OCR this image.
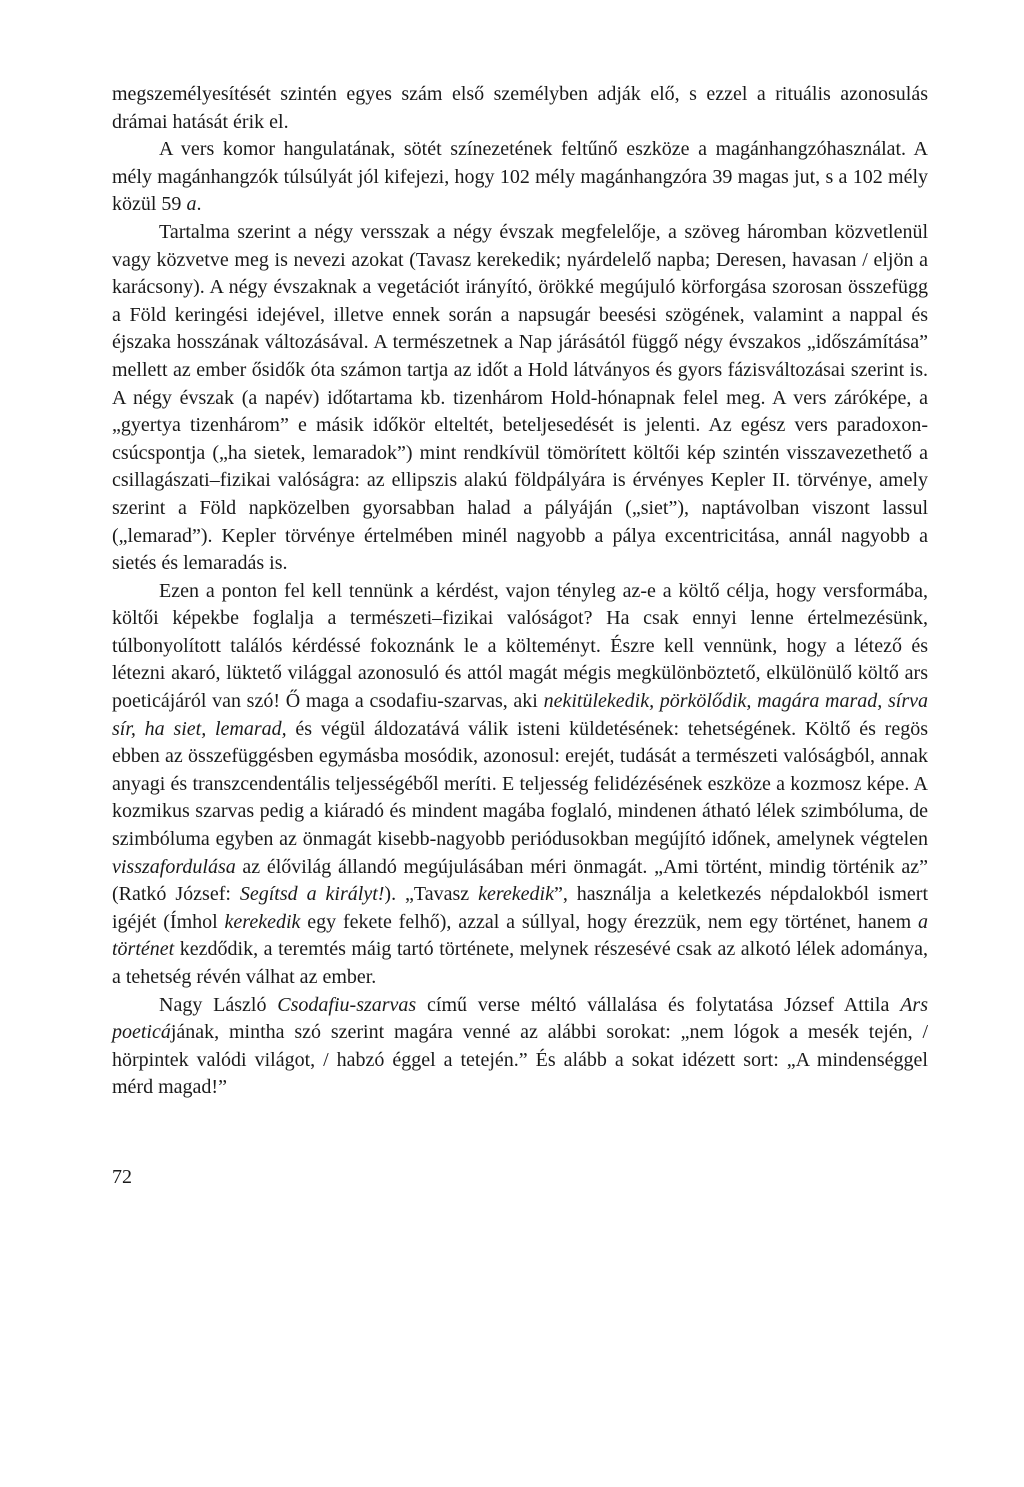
megszemélyesítését szintén egyes szám első személyben adják elő, s ezzel a rituális azonosulás drámai hatását érik el.

A vers komor hangulatának, sötét színezetének feltűnő eszköze a magánhangzóhasználat. A mély magánhangzók túlsúlyát jól kifejezi, hogy 102 mély magánhangzóra 39 magas jut, s a 102 mély közül 59 a.

Tartalma szerint a négy versszak a négy évszak megfelelője, a szöveg háromban közvetlenül vagy közvetve meg is nevezi azokat (Tavasz kerekedik; nyárdelelő napba; Deresen, havasan / eljön a karácsony). A négy évszaknak a vegetációt irányító, örökké megújuló körforgása szorosan összefügg a Föld keringési idejével, illetve ennek során a napsugár beesési szögének, valamint a nappal és éjszaka hosszának változásával. A természetnek a Nap járásától függő négy évszakos „időszámítása” mellett az ember ősidők óta számon tartja az időt a Hold látványos és gyors fázisváltozásai szerint is. A négy évszak (a napév) időtartama kb. tizenhárom Hold-hónapnak felel meg. A vers záróképe, a „gyertya tizenhárom” e másik időkör elteltét, beteljesedését is jelenti. Az egész vers paradoxon-csúcspontja („ha sietek, lemaradok”) mint rendkívül tömörített költői kép szintén visszavezethető a csillagászati–fizikai valóságra: az ellipszis alakú földpályára is érvényes Kepler II. törvénye, amely szerint a Föld napközelben gyorsabban halad a pályáján („siet”), naptávolban viszont lassul („lemarad”). Kepler törvénye értelmében minél nagyobb a pálya excentricitása, annál nagyobb a sietés és lemaradás is.

Ezen a ponton fel kell tennünk a kérdést, vajon tényleg az-e a költő célja, hogy versformába, költői képekbe foglalja a természeti–fizikai valóságot? Ha csak ennyi lenne értelmezésünk, túlbonyolított találós kérdéssé fokoznánk le a költeményt. Észre kell vennünk, hogy a létező és létezni akaró, lüktető világgal azonosuló és attól magát mégis megkülönböztető, elkülönülő költő ars poeticájáról van szó! Ő maga a csodafiu-szarvas, aki nekitülekedik, pörkölődik, magára marad, sírva sír, ha siet, lemarad, és végül áldozatává válik isteni küldetésének: tehetségének. Költő és regös ebben az összefüggésben egymásba mosódik, azonosul: erejét, tudását a természeti valóságból, annak anyagi és transzcendentális teljességéből meríti. E teljesség felidézésének eszköze a kozmosz képe. A kozmikus szarvas pedig a kiáradó és mindent magába foglaló, mindenen átható lélek szimbóluma, de szimbóluma egyben az önmagát kisebb-nagyobb periódusokban megújító időnek, amelynek végtelen visszafordulása az élővilág állandó megújulásában méri önmagát. „Ami történt, mindig történik az” (Ratkó József: Segítsd a királyt!). „Tavasz kerekedik”, használja a keletkezés népdalokból ismert igéjét (Ímhol kerekedik egy fekete felhő), azzal a súllyal, hogy érezzük, nem egy történet, hanem a történet kezdődik, a teremtés máig tartó története, melynek részesévé csak az alkotó lélek adománya, a tehetség révén válhat az ember.

Nagy László Csodafiu-szarvas című verse méltó vállalása és folytatása József Attila Ars poeticájának, mintha szó szerint magára venné az alábbi sorokat: „nem lógok a mesék tején, / hörpintek valódi világot, / habzó éggel a tetején.” És alább a sokat idézett sort: „A mindenséggel mérd magad!”

72
